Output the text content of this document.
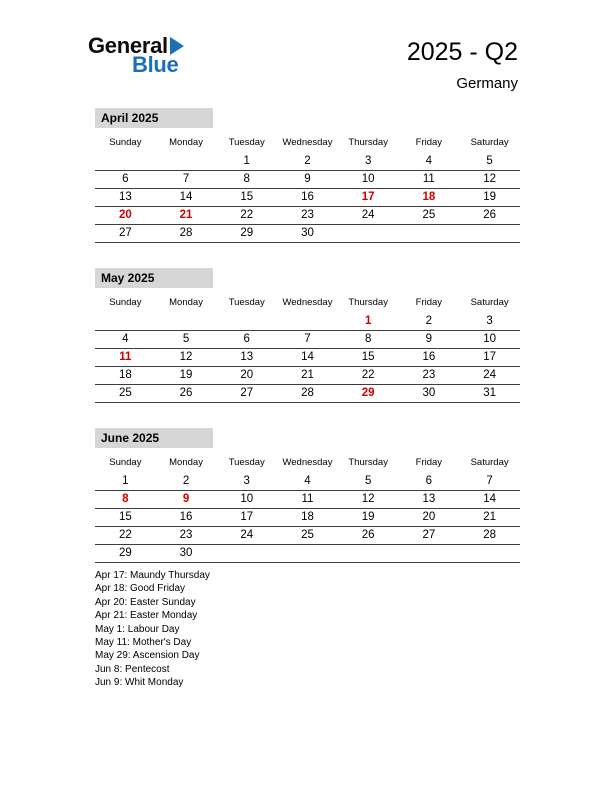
General
Blue	2025 - Q2
Germany
April 2025
Sunday	Monday	Tuesday	Wednesday	Thursday	Friday	Saturday
		1	2	3	4	5
6	7	8	9	10	11	12
13	14	15	16	17	18	19
20	21	22	23	24	25	26
27	28	29	30			
May 2025
Sunday	Monday	Tuesday	Wednesday	Thursday	Friday	Saturday
				1	2	3
4	5	6	7	8	9	10
11	12	13	14	15	16	17
18	19	20	21	22	23	24
25	26	27	28	29	30	31
June 2025
Sunday	Monday	Tuesday	Wednesday	Thursday	Friday	Saturday
1	2	3	4	5	6	7
8	9	10	11	12	13	14
15	16	17	18	19	20	21
22	23	24	25	26	27	28
29	30					
Apr 17: Maundy Thursday
Apr 18: Good Friday
Apr 20: Easter Sunday
Apr 21: Easter Monday
May 1: Labour Day
May 11: Mother's Day
May 29: Ascension Day
Jun 8: Pentecost
Jun 9: Whit Monday
